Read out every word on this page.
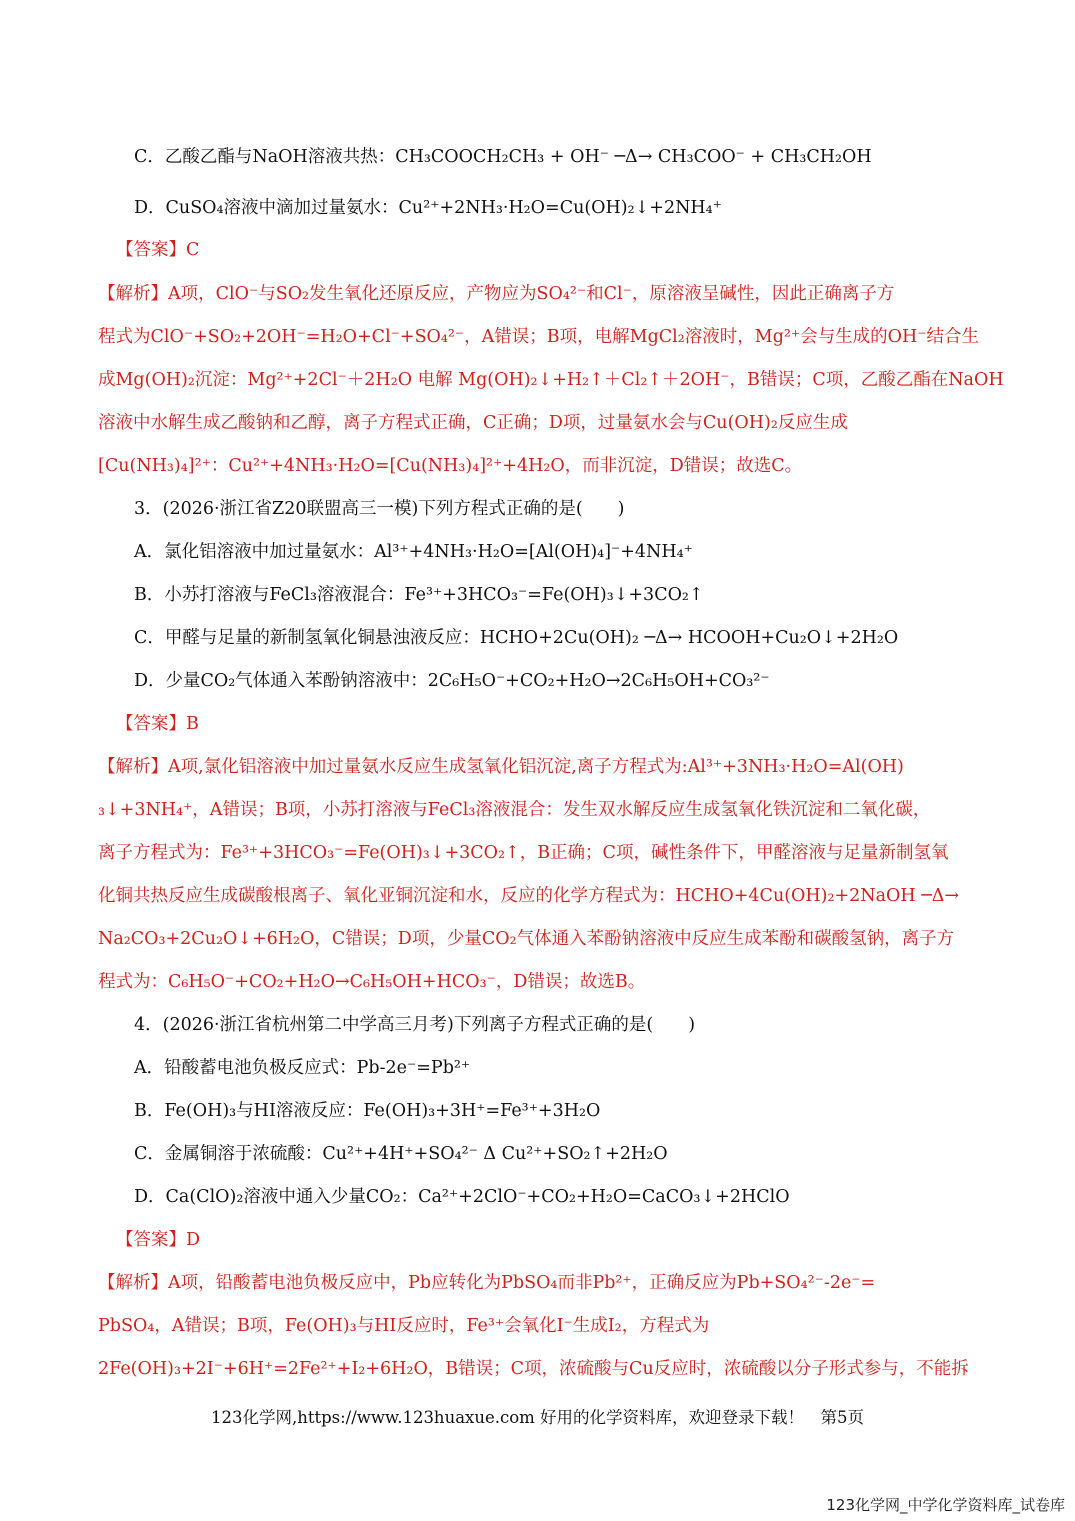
C．乙酸乙酯与NaOH溶液共热：CH₃COOCH₂CH₃ + OH⁻ ─Δ→ CH₃COO⁻ + CH₃CH₂OH
D．CuSO₄溶液中滴加过量氨水：Cu²⁺+2NH₃·H₂O=Cu(OH)₂↓+2NH₄⁺
【答案】C
【解析】A项，ClO⁻与SO₂发生氧化还原反应，产物应为SO₄²⁻和Cl⁻，原溶液呈碱性，因此正确离子方
程式为ClO⁻+SO₂+2OH⁻=H₂O+Cl⁻+SO₄²⁻，A错误；B项，电解MgCl₂溶液时，Mg²⁺会与生成的OH⁻结合生
成Mg(OH)₂沉淀：Mg²⁺+2Cl⁻＋2H₂O 电解 Mg(OH)₂↓+H₂↑＋Cl₂↑＋2OH⁻，B错误；C项，乙酸乙酯在NaOH
溶液中水解生成乙酸钠和乙醇，离子方程式正确，C正确；D项，过量氨水会与Cu(OH)₂反应生成
[Cu(NH₃)₄]²⁺：Cu²⁺+4NH₃·H₂O=[Cu(NH₃)₄]²⁺+4H₂O，而非沉淀，D错误；故选C。
3．(2026·浙江省Z20联盟高三一模)下列方程式正确的是(　　)
A．氯化铝溶液中加过量氨水：Al³⁺+4NH₃·H₂O=[Al(OH)₄]⁻+4NH₄⁺
B．小苏打溶液与FeCl₃溶液混合：Fe³⁺+3HCO₃⁻=Fe(OH)₃↓+3CO₂↑
C．甲醛与足量的新制氢氧化铜悬浊液反应：HCHO+2Cu(OH)₂ ─Δ→ HCOOH+Cu₂O↓+2H₂O
D．少量CO₂气体通入苯酚钠溶液中：2C₆H₅O⁻+CO₂+H₂O→2C₆H₅OH+CO₃²⁻
【答案】B
【解析】A项,氯化铝溶液中加过量氨水反应生成氢氧化铝沉淀,离子方程式为:Al³⁺+3NH₃·H₂O=Al(OH)
₃↓+3NH₄⁺，A错误；B项，小苏打溶液与FeCl₃溶液混合：发生双水解反应生成氢氧化铁沉淀和二氧化碳，
离子方程式为：Fe³⁺+3HCO₃⁻=Fe(OH)₃↓+3CO₂↑，B正确；C项，碱性条件下，甲醛溶液与足量新制氢氧
化铜共热反应生成碳酸根离子、氧化亚铜沉淀和水，反应的化学方程式为：HCHO+4Cu(OH)₂+2NaOH ─Δ→
Na₂CO₃+2Cu₂O↓+6H₂O，C错误；D项，少量CO₂气体通入苯酚钠溶液中反应生成苯酚和碳酸氢钠，离子方
程式为：C₆H₅O⁻+CO₂+H₂O→C₆H₅OH+HCO₃⁻，D错误；故选B。
4．(2026·浙江省杭州第二中学高三月考)下列离子方程式正确的是(　　)
A．铅酸蓄电池负极反应式：Pb-2e⁻=Pb²⁺
B．Fe(OH)₃与HI溶液反应：Fe(OH)₃+3H⁺=Fe³⁺+3H₂O
C．金属铜溶于浓硫酸：Cu²⁺+4H⁺+SO₄²⁻ Δ Cu²⁺+SO₂↑+2H₂O
D．Ca(ClO)₂溶液中通入少量CO₂：Ca²⁺+2ClO⁻+CO₂+H₂O=CaCO₃↓+2HClO
【答案】D
【解析】A项，铅酸蓄电池负极反应中，Pb应转化为PbSO₄而非Pb²⁺，正确反应为Pb+SO₄²⁻-2e⁻=
PbSO₄，A错误；B项，Fe(OH)₃与HI反应时，Fe³⁺会氧化I⁻生成I₂，方程式为
2Fe(OH)₃+2I⁻+6H⁺=2Fe²⁺+I₂+6H₂O，B错误；C项，浓硫酸与Cu反应时，浓硫酸以分子形式参与，不能拆
123化学网,https://www.123huaxue.com 好用的化学资料库，欢迎登录下载！　第5页
123化学网_中学化学资料库_试卷库
